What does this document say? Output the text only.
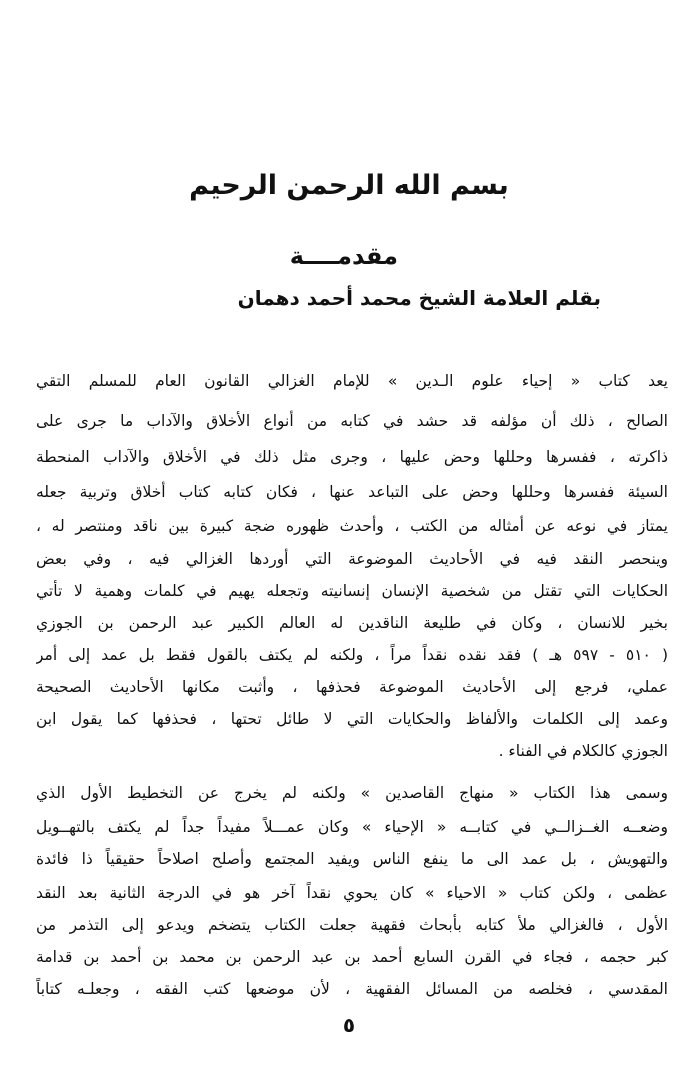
بسم الله الرحمن الرحيم
مقدمــــة
بقلم العلامة الشيخ محمد أحمد دهمان
يعد كتاب « إحياء علوم الـدين » للإمام الغزالي القانون العام للمسلم التقي
الصالح ، ذلك أن مؤلفه قد حشد في كتابه من أنواع الأخلاق والآداب ما جرى على
ذاكرته ، ففسرها وحللها وحض عليها ، وجرى مثل ذلك في الأخلاق والآداب المنحطة
السيئة ففسرها وحللها وحض على التباعد عنها ، فكان كتابه كتاب أخلاق وتربية جعله
يمتاز في نوعه عن أمثاله من الكتب ، وأحدث ظهوره ضجة كبيرة بين ناقد ومنتصر له ،
وينحصر النقد فيه في الأحاديث الموضوعة التي أوردها الغزالي فيه ، وفي بعض
الحكايات التي تقتل من شخصية الإنسان إنسانيته وتجعله يهيم في كلمات وهمية لا تأتي
بخير للانسان ، وكان في طليعة الناقدين له العالم الكبير عبد الرحمن بن الجوزي
( ٥١٠ - ٥٩٧ هـ ) فقد نقده نقداً مراً ، ولكنه لم يكتف بالقول فقط بل عمد إلى أمر
عملي، فرجع إلى الأحاديث الموضوعة فحذفها ، وأثبت مكانها الأحاديث الصحيحة
وعمد إلى الكلمات والألفاظ والحكايات التي لا طائل تحتها ، فحذفها كما يقول ابن
الجوزي كالكلام في الفناء .
وسمى هذا الكتاب « منهاج القاصدين » ولكنه لم يخرج عن التخطيط الأول الذي
وضعــه الغــزالــي في كتابــه « الإحياء » وكان عمـــلاً مفيداً جداً لم يكتف بالتهــويل
والتهويش ، بل عمد الى ما ينفع الناس ويفيد المجتمع وأصلح اصلاحاً حقيقياً ذا فائدة
عظمى ، ولكن كتاب « الاحياء » كان يحوي نقداً آخر هو في الدرجة الثانية بعد النقد
الأول ، فالغزالي ملأ كتابه بأبحاث فقهية جعلت الكتاب يتضخم ويدعو إلى التذمر من
كبر حجمه ، فجاء في القرن السابع أحمد بن عبد الرحمن بن محمد بن أحمد بن قدامة
المقدسي ، فخلصه من المسائل الفقهية ، لأن موضعها كتب الفقه ، وجعلـه كتاباً
٥
